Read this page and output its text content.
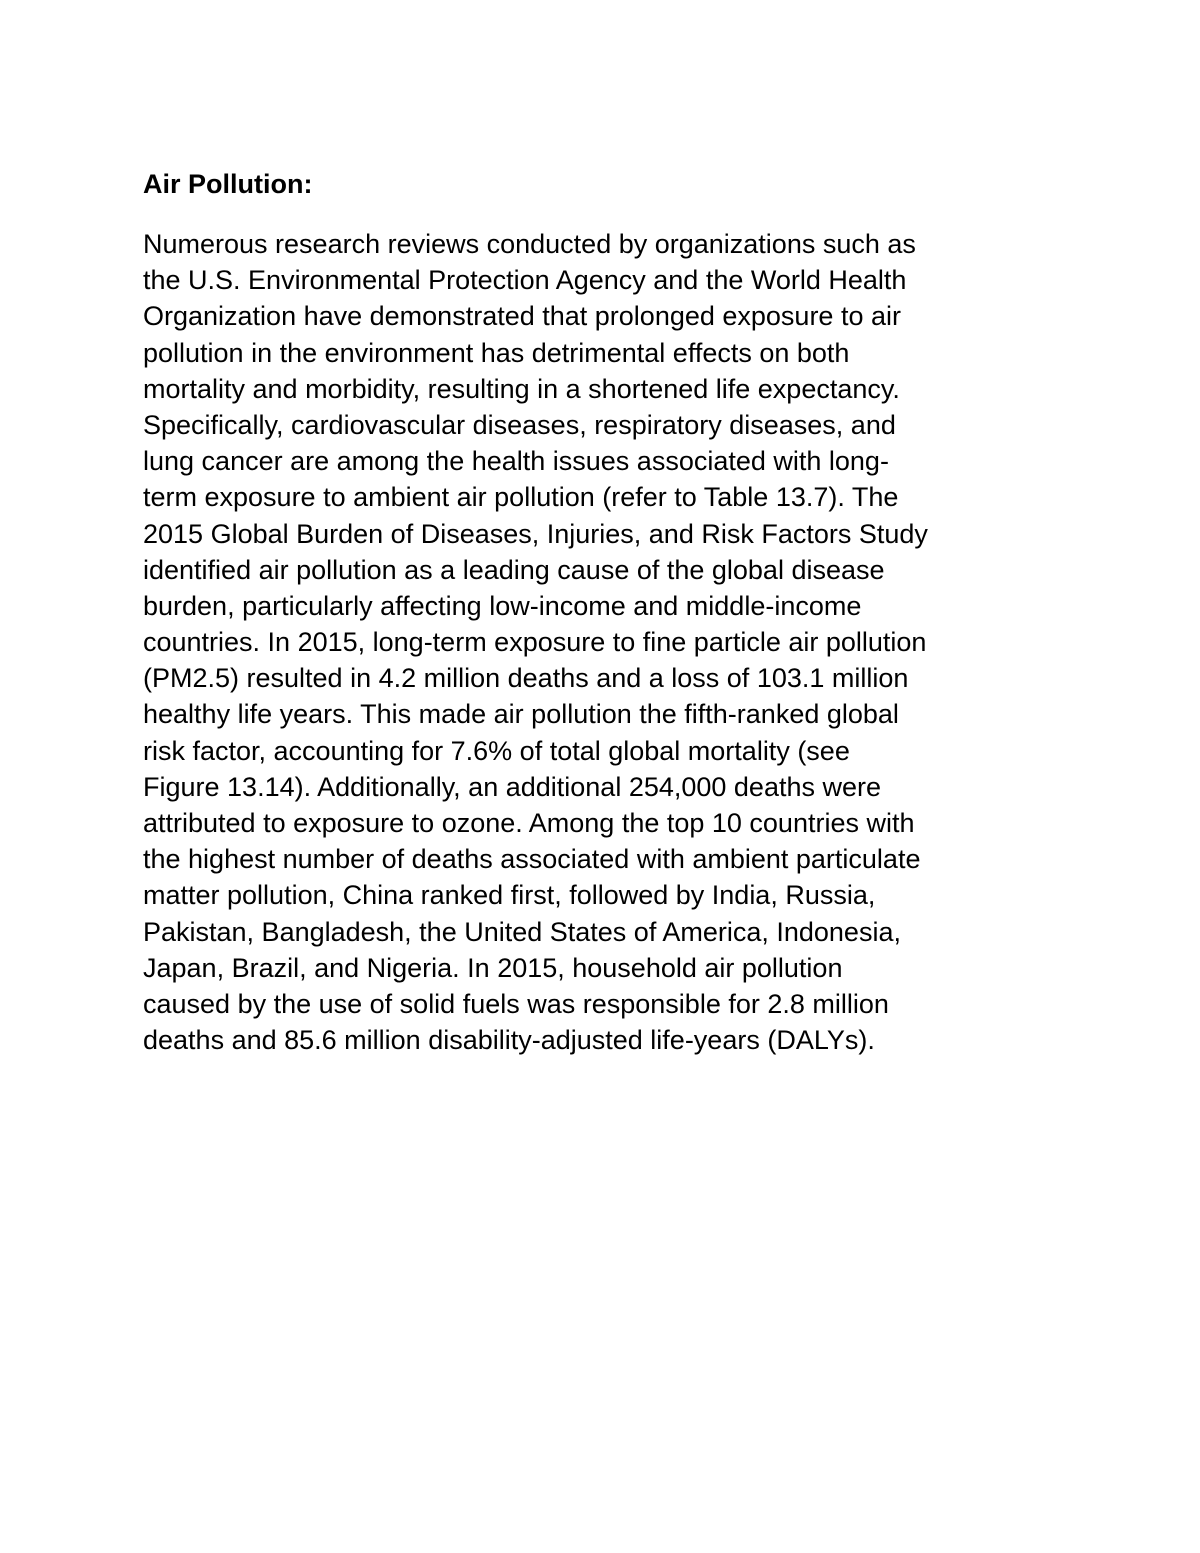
Air Pollution:
Numerous research reviews conducted by organizations such as
the U.S. Environmental Protection Agency and the World Health
Organization have demonstrated that prolonged exposure to air
pollution in the environment has detrimental effects on both
mortality and morbidity, resulting in a shortened life expectancy.
Specifically, cardiovascular diseases, respiratory diseases, and
lung cancer are among the health issues associated with long-
term exposure to ambient air pollution (refer to Table 13.7). The
2015 Global Burden of Diseases, Injuries, and Risk Factors Study
identified air pollution as a leading cause of the global disease
burden, particularly affecting low-income and middle-income
countries. In 2015, long-term exposure to fine particle air pollution
(PM2.5) resulted in 4.2 million deaths and a loss of 103.1 million
healthy life years. This made air pollution the fifth-ranked global
risk factor, accounting for 7.6% of total global mortality (see
Figure 13.14). Additionally, an additional 254,000 deaths were
attributed to exposure to ozone. Among the top 10 countries with
the highest number of deaths associated with ambient particulate
matter pollution, China ranked first, followed by India, Russia,
Pakistan, Bangladesh, the United States of America, Indonesia,
Japan, Brazil, and Nigeria. In 2015, household air pollution
caused by the use of solid fuels was responsible for 2.8 million
deaths and 85.6 million disability-adjusted life-years (DALYs).
